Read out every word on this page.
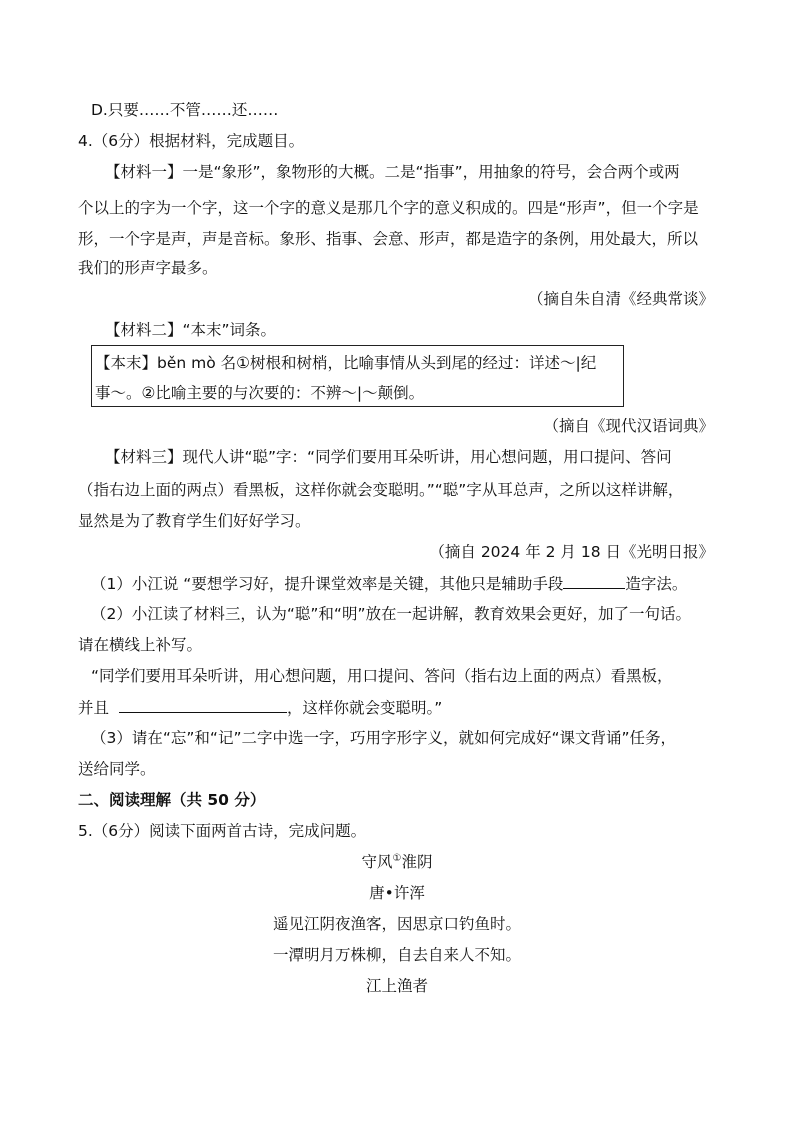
D.只要……不管……还……
4.（6分）根据材料，完成题目。
【材料一】一是“象形”，象物形的大概。二是“指事”，用抽象的符号，会合两个或两
个以上的字为一个字，这一个字的意义是那几个字的意义积成的。四是“形声”，但一个字是
形，一个字是声，声是音标。象形、指事、会意、形声，都是造字的条例，用处最大，所以
我们的形声字最多。
（摘自朱自清《经典常谈》
【材料二】“本末”词条。
【本末】běn mò 名①树根和树梢，比喻事情从头到尾的经过：详述～|纪
事～。②比喻主要的与次要的：不辨～|～颠倒。
（摘自《现代汉语词典》
【材料三】现代人讲“聪”字：“同学们要用耳朵听讲，用心想问题，用口提问、答问
（指右边上面的两点）看黑板，这样你就会变聪明。”“聪”字从耳总声，之所以这样讲解，
显然是为了教育学生们好好学习。
（摘自 2024 年 2 月 18 日《光明日报》
（1）小江说 “要想学习好，提升课堂效率是关键，其他只是辅助手段	造字法。
（2）小江读了材料三，认为“聪”和“明”放在一起讲解，教育效果会更好，加了一句话。
请在横线上补写。
“同学们要用耳朵听讲，用心想问题，用口提问、答问（指右边上面的两点）看黑板，
并且	，这样你就会变聪明。”
（3）请在“忘”和“记”二字中选一字，巧用字形字义，就如何完成好“课文背诵”任务，
送给同学。
二、阅读理解（共 50 分）
5.（6分）阅读下面两首古诗，完成问题。
守风①淮阴
唐•许浑
遥见江阴夜渔客，因思京口钓鱼时。
一潭明月万株柳，自去自来人不知。
江上渔者
